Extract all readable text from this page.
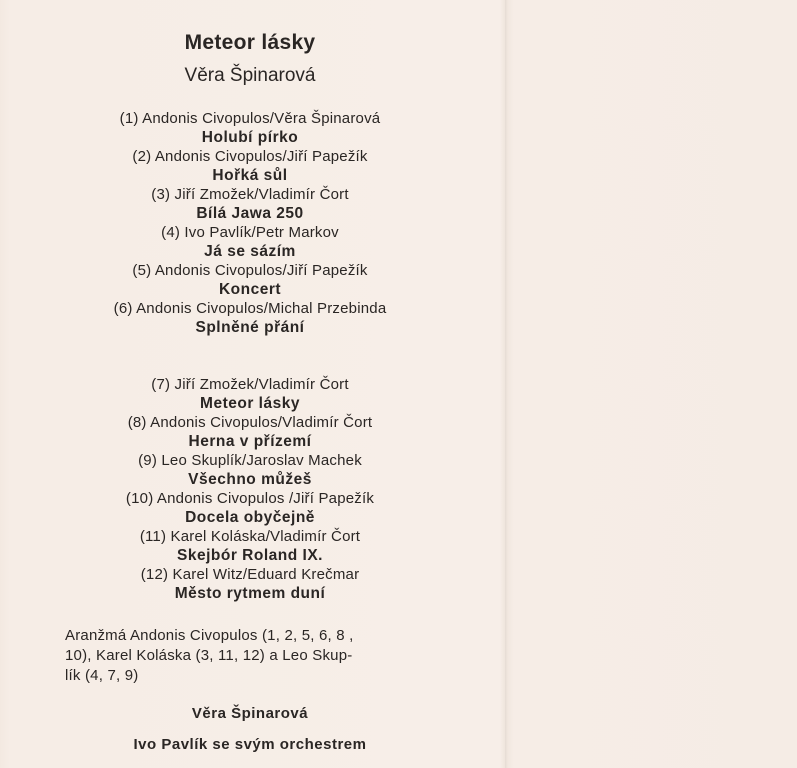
Meteor lásky
Věra Špinarová
(1) Andonis Civopulos/Věra Špinarová
Holubí pírko
(2) Andonis Civopulos/Jiří Papežík
Hořká sůl
(3) Jiří Zmožek/Vladimír Čort
Bílá Jawa 250
(4) Ivo Pavlík/Petr Markov
Já se sázím
(5) Andonis Civopulos/Jiří Papežík
Koncert
(6) Andonis Civopulos/Michal Przebinda
Splněné přání
(7) Jiří Zmožek/Vladimír Čort
Meteor lásky
(8) Andonis Civopulos/Vladimír Čort
Herna v přízemí
(9) Leo Skuplík/Jaroslav Machek
Všechno můžeš
(10) Andonis Civopulos /Jiří Papežík
Docela obyčejně
(11) Karel Koláska/Vladimír Čort
Skejbór Roland IX.
(12) Karel Witz/Eduard Krečmar
Město rytmem duní
Aranžmá Andonis Civopulos (1, 2, 5, 6, 8 ,
10), Karel Koláska (3, 11, 12) a Leo Skup-
lík (4, 7, 9)
Věra Špinarová
Ivo Pavlík se svým orchestrem
